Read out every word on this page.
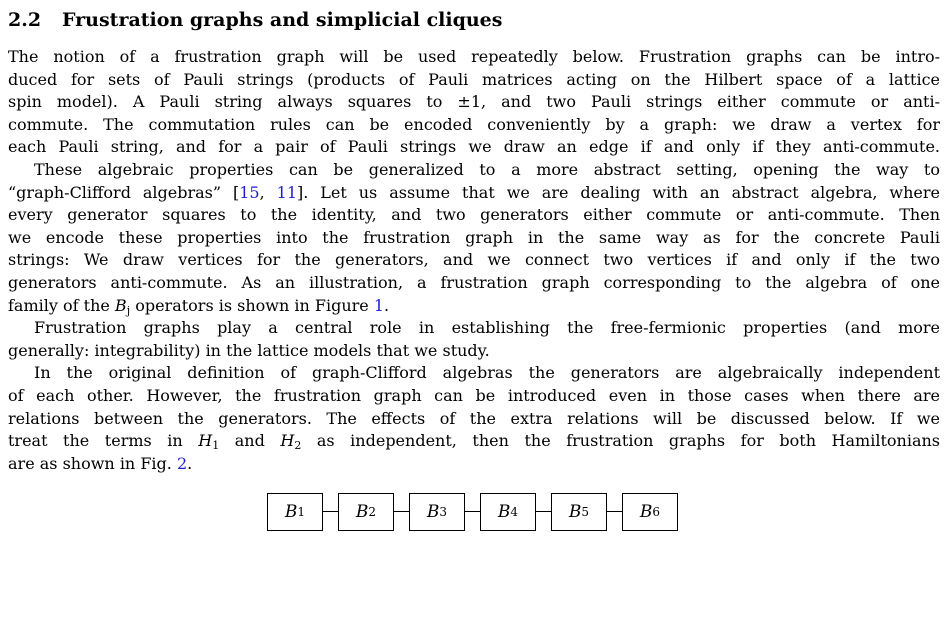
2.2 Frustration graphs and simplicial cliques
The notion of a frustration graph will be used repeatedly below. Frustration graphs can be intro-
duced for sets of Pauli strings (products of Pauli matrices acting on the Hilbert space of a lattice
spin model). A Pauli string always squares to ±1, and two Pauli strings either commute or anti-
commute. The commutation rules can be encoded conveniently by a graph: we draw a vertex for
each Pauli string, and for a pair of Pauli strings we draw an edge if and only if they anti-commute.
These algebraic properties can be generalized to a more abstract setting, opening the way to
“graph-Clifford algebras” [15, 11]. Let us assume that we are dealing with an abstract algebra, where
every generator squares to the identity, and two generators either commute or anti-commute. Then
we encode these properties into the frustration graph in the same way as for the concrete Pauli
strings: We draw vertices for the generators, and we connect two vertices if and only if the two
generators anti-commute. As an illustration, a frustration graph corresponding to the algebra of one
family of the $B_j$ operators is shown in Figure 1.
Frustration graphs play a central role in establishing the free-fermionic properties (and more
generally: integrability) in the lattice models that we study.
In the original definition of graph-Clifford algebras the generators are algebraically independent
of each other. However, the frustration graph can be introduced even in those cases when there are
relations between the generators. The effects of the extra relations will be discussed below. If we
treat the terms in $H_1$ and $H_2$ as independent, then the frustration graphs for both Hamiltonians
are as shown in Fig. 2.
B 1	B 2	B 3	B 4	B 5	B 6
